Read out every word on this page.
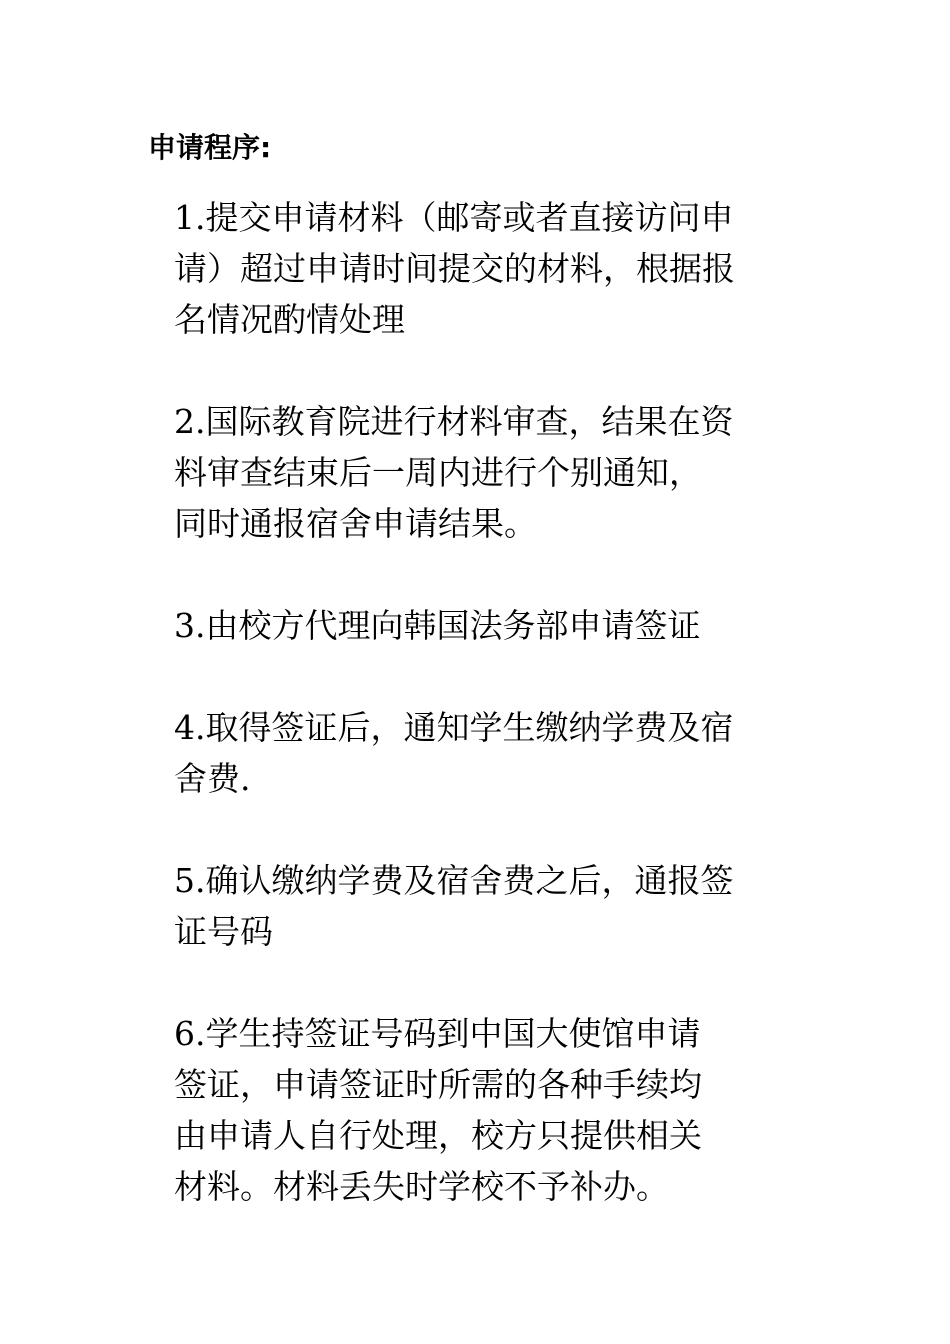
申请程序:

1.提交申请材料（邮寄或者直接访问申
请）超过申请时间提交的材料，根据报
名情况酌情处理

2.国际教育院进行材料审查，结果在资
料审查结束后一周内进行个别通知，
同时通报宿舍申请结果。

3.由校方代理向韩国法务部申请签证

4.取得签证后，通知学生缴纳学费及宿
舍费.

5.确认缴纳学费及宿舍费之后，通报签
证号码

6.学生持签证号码到中国大使馆申请
签证，申请签证时所需的各种手续均
由申请人自行处理，校方只提供相关
材料。材料丢失时学校不予补办。
